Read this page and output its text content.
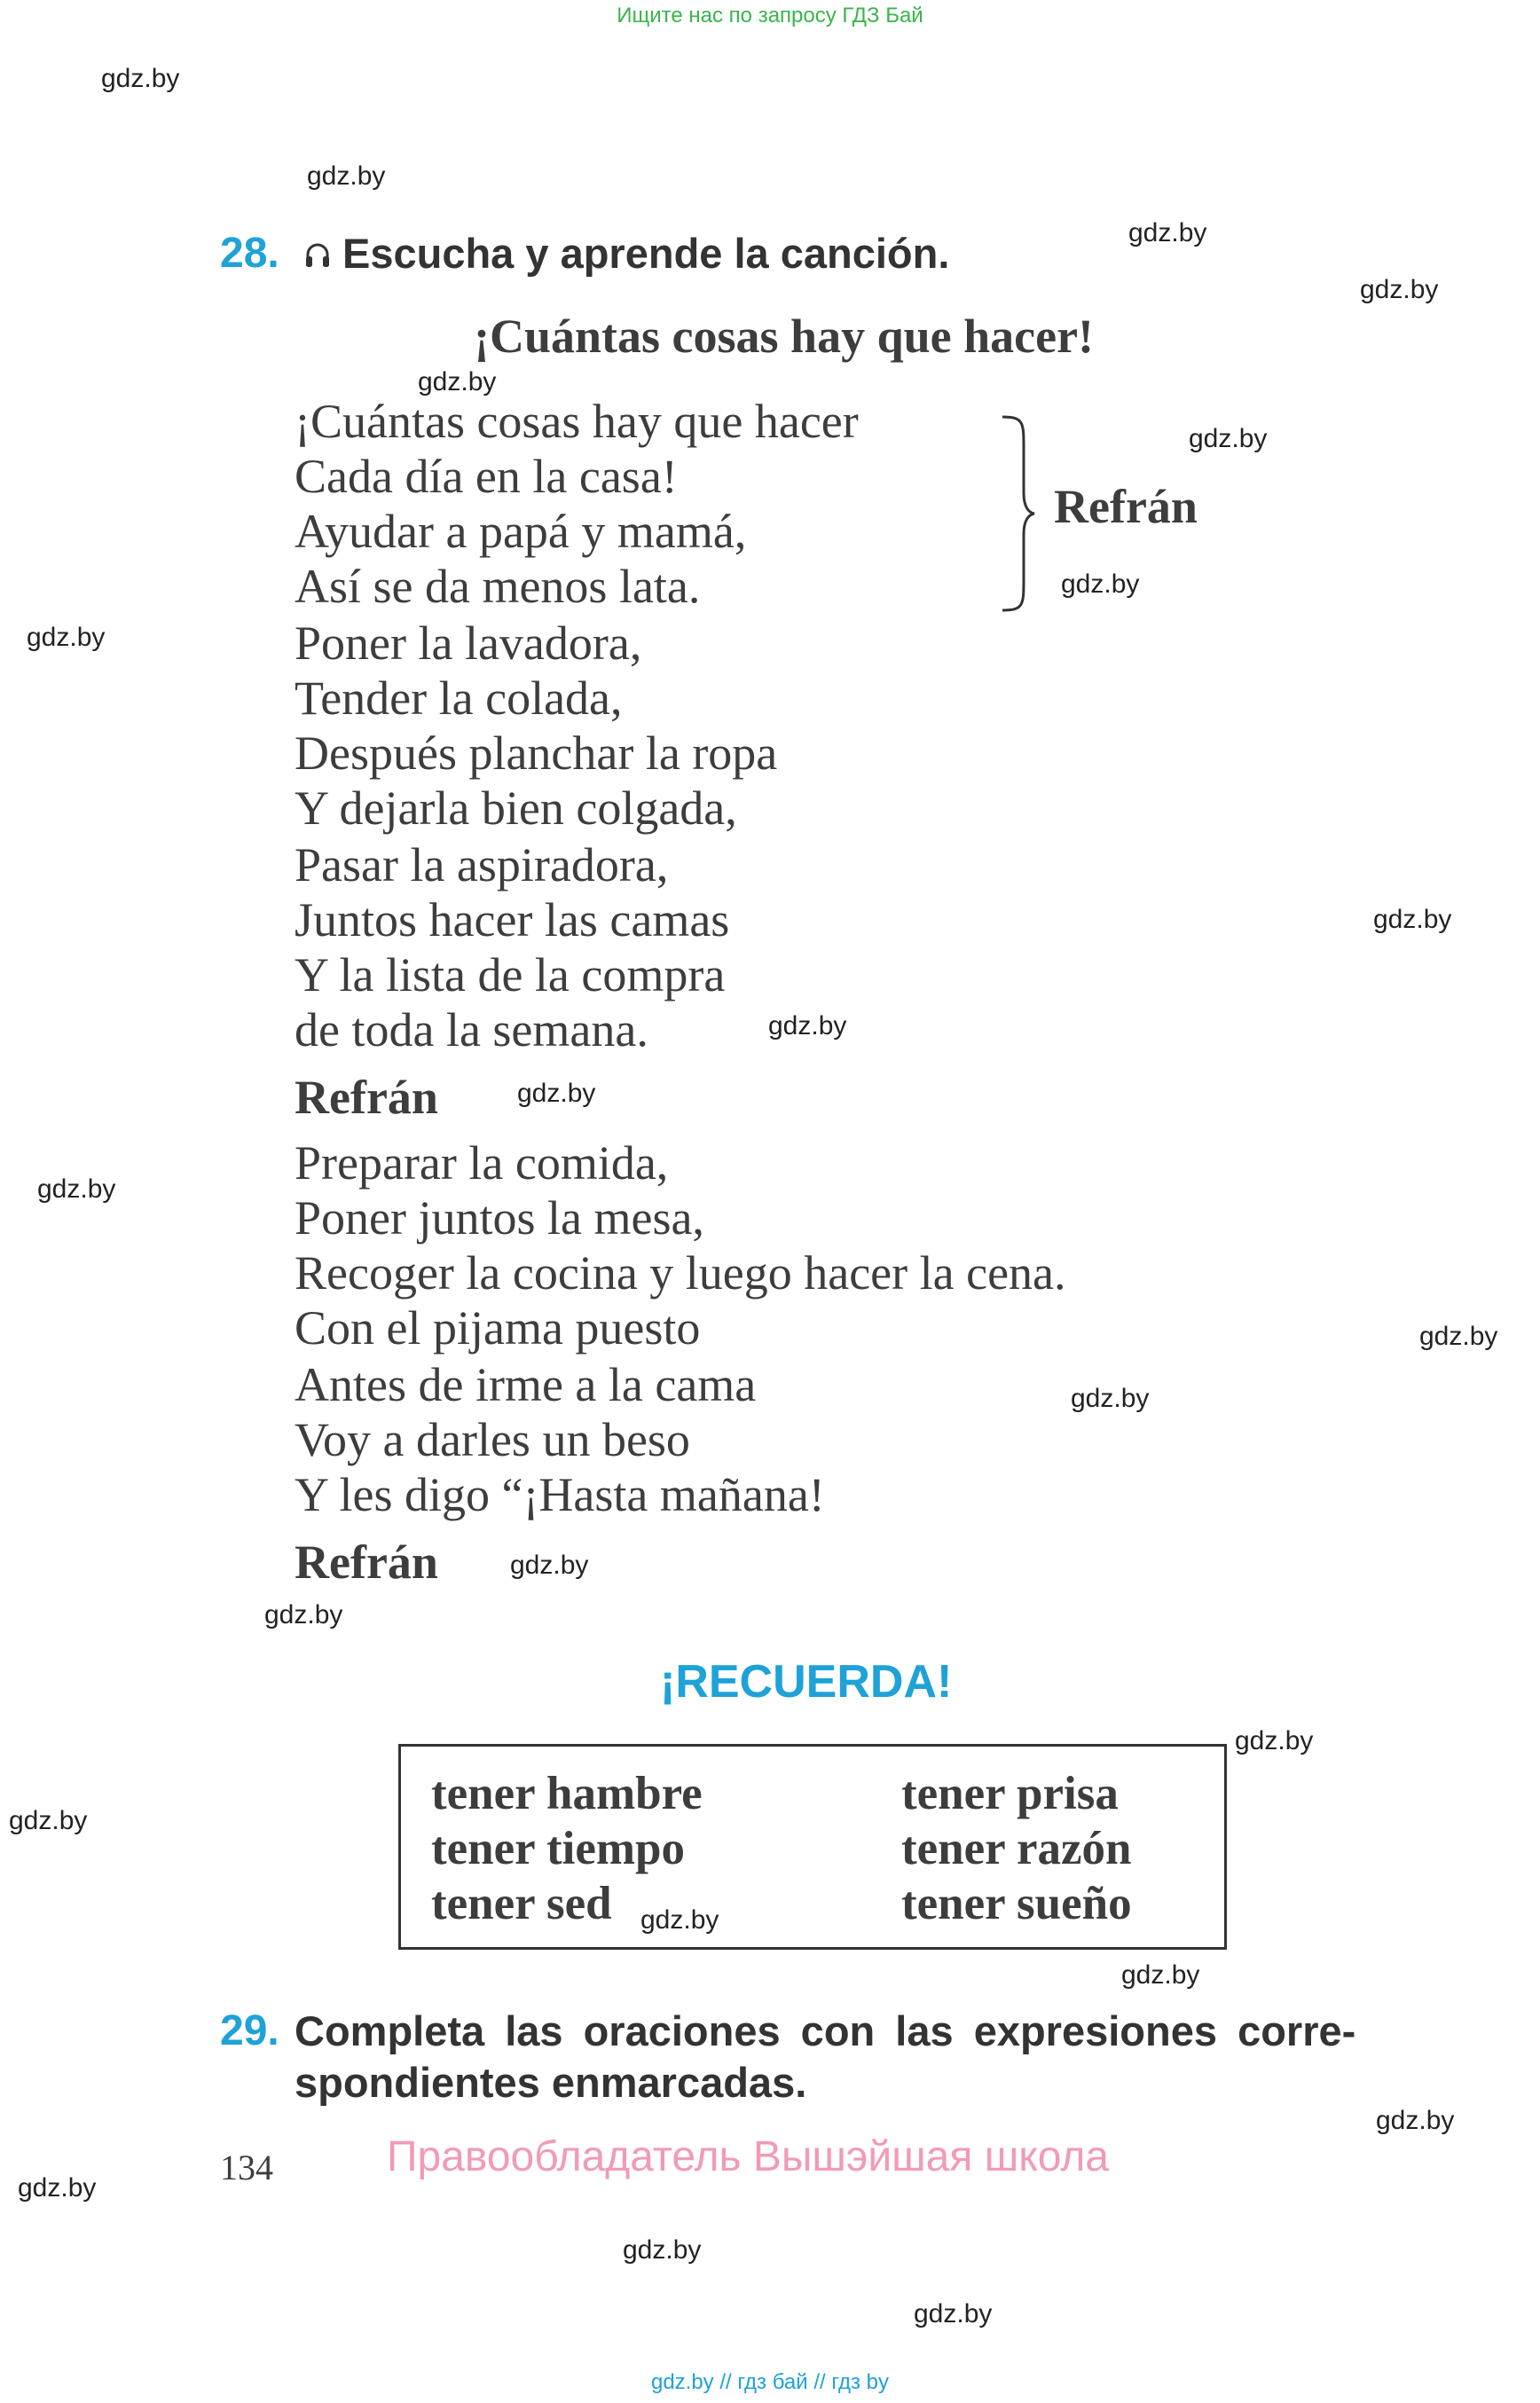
Ищите нас по запросу ГДЗ Бай
gdz.by
gdz.by
gdz.by
gdz.by
gdz.by
gdz.by
gdz.by
gdz.by
gdz.by
gdz.by
gdz.by
gdz.by
gdz.by
gdz.by
gdz.by
gdz.by
gdz.by
gdz.by
gdz.by
gdz.by
gdz.by
gdz.by
gdz.by
gdz.by
28. Escucha y aprende la canción.
¡Cuántas cosas hay que hacer!
¡Cuántas cosas hay que hacer
Cada día en la casa!
Ayudar a papá y mamá,
Así se da menos lata.
Refrán
Poner la lavadora,
Tender la colada,
Después planchar la ropa
Y dejarla bien colgada,
Pasar la aspiradora,
Juntos hacer las camas
Y la lista de la compra
de toda la semana.
Refrán
Preparar la comida,
Poner juntos la mesa,
Recoger la cocina y luego hacer la cena.
Con el pijama puesto
Antes de irme a la cama
Voy a darles un beso
Y les digo “¡Hasta mañana!
Refrán
¡RECUERDA!
tener hambre
tener tiempo
tener sed
tener prisa
tener razón
tener sueño
29. Completa las oraciones con las expresiones corre-
spondientes enmarcadas.
134	Правообладатель Вышэйшая школа
gdz.by // гдз бай // гдз by
